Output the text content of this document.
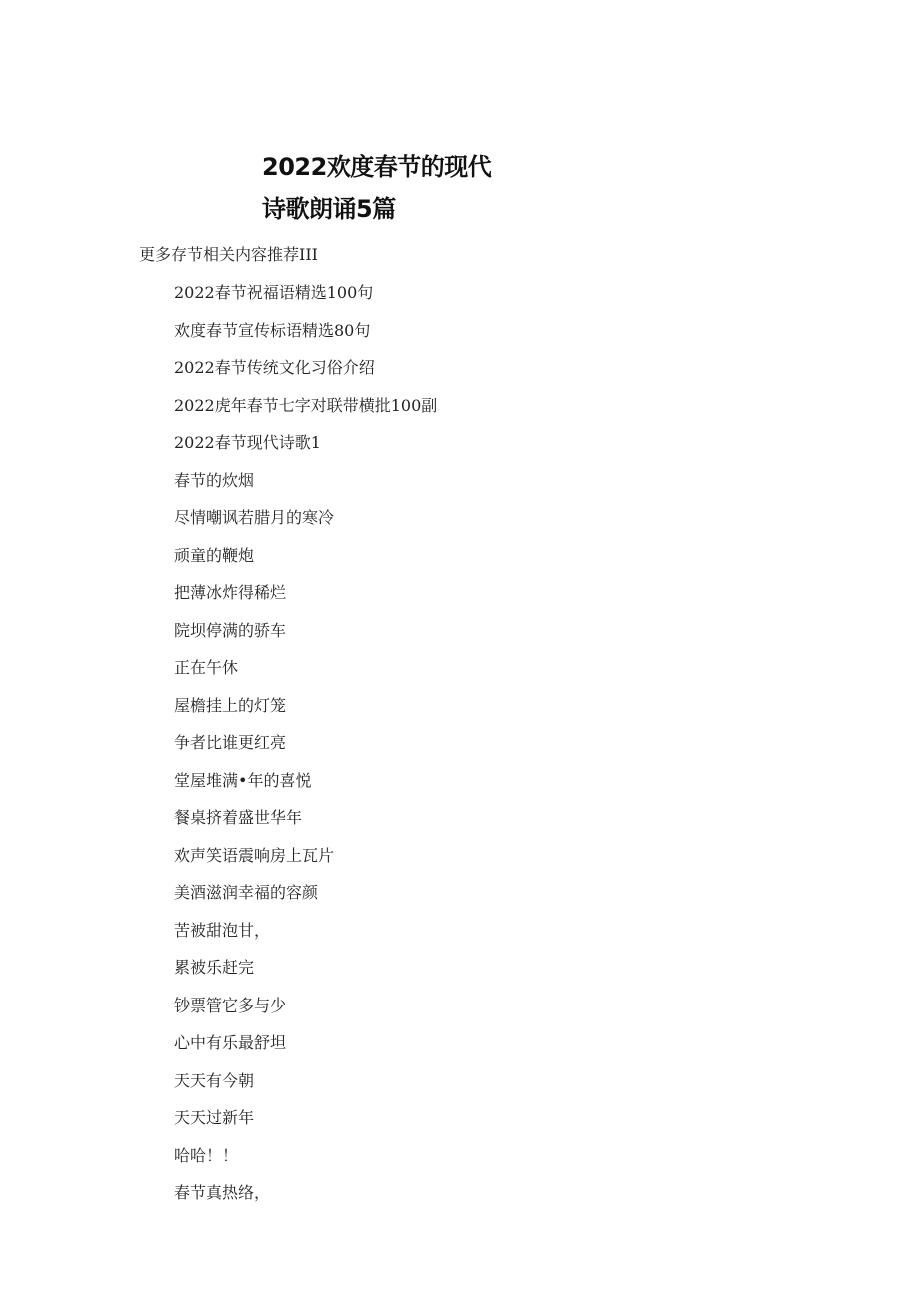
2022欢度春节的现代
诗歌朗诵5篇
更多存节相关内容推荐III
2022春节祝福语精选100句
欢度春节宣传标语精选80句
2022春节传统文化习俗介绍
2022虎年春节七字对联带横批100副
2022春节现代诗歌1
春节的炊烟
尽情嘲讽若腊月的寒冷
顽童的鞭炮
把薄冰炸得稀烂
院坝停满的骄车
正在午休
屋檐挂上的灯笼
争者比谁更红亮
堂屋堆满•年的喜悦
餐桌挤着盛世华年
欢声笑语震响房上瓦片
美酒滋润幸福的容颜
苦被甜泡甘，
累被乐赶完
钞票管它多与少
心中有乐最舒坦
天天有今朝
天天过新年
哈哈！！
春节真热络，
